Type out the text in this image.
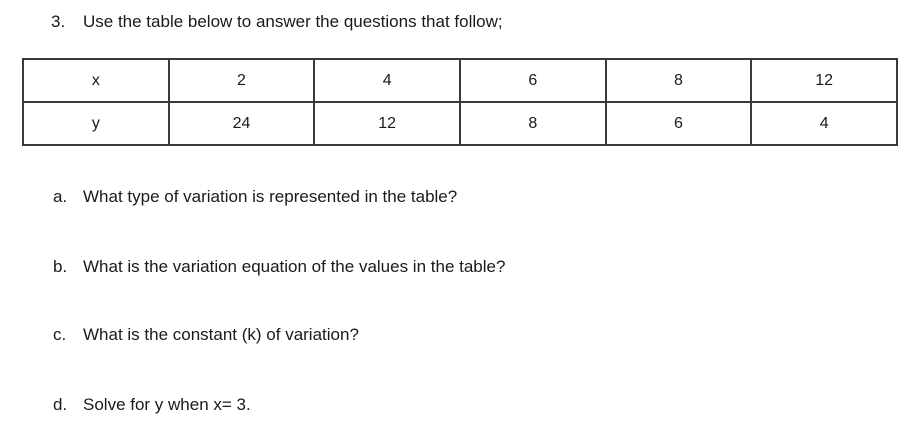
3. Use the table below to answer the questions that follow;
x	2	4	6	8	12
y	24	12	8	6	4
a. What type of variation is represented in the table?
b. What is the variation equation of the values in the table?
c. What is the constant (k) of variation?
d. Solve for y when x= 3.
